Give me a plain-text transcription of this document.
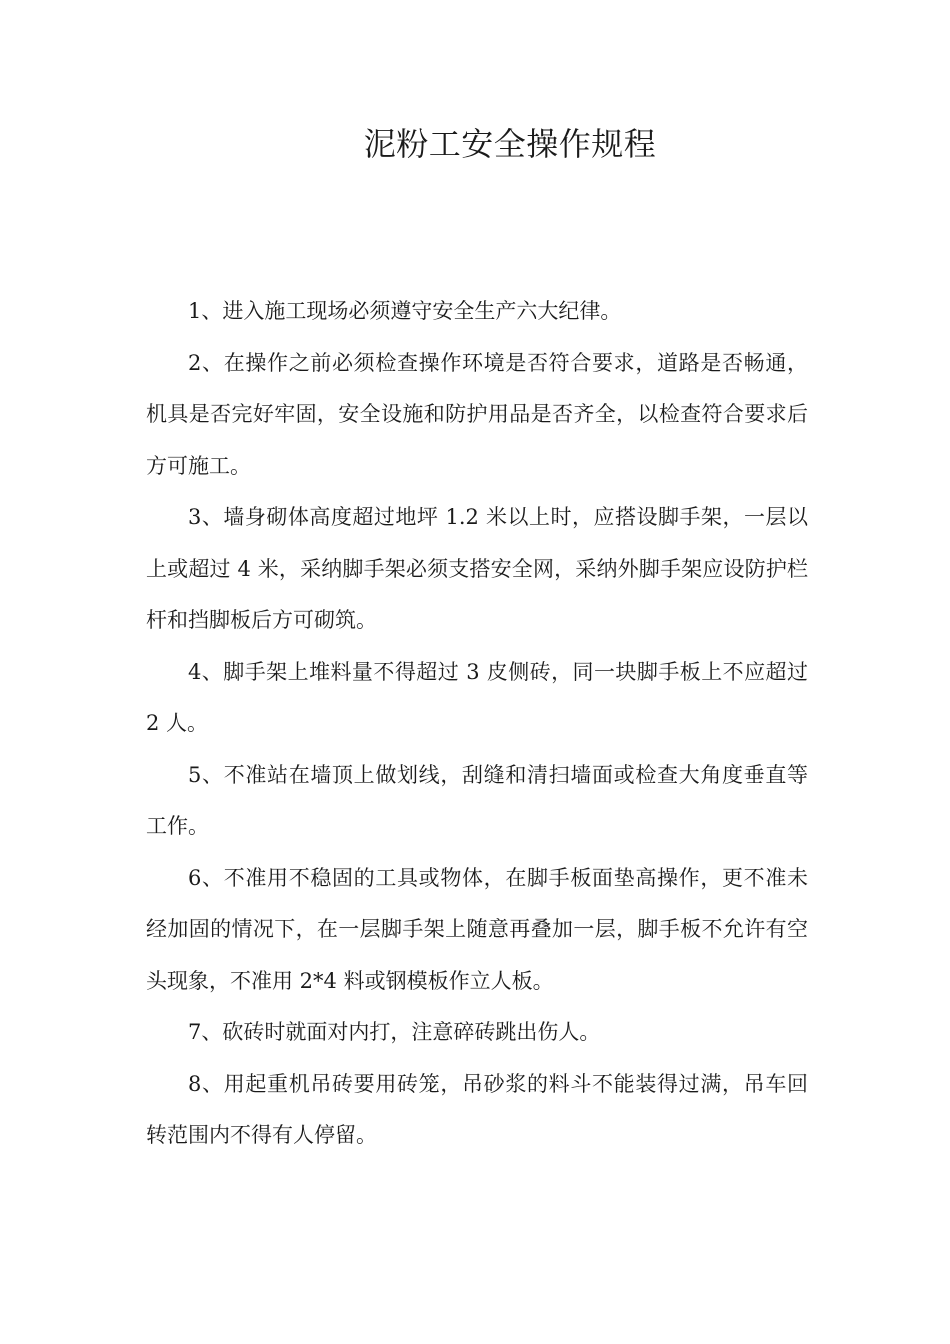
泥粉工安全操作规程

1、进入施工现场必须遵守安全生产六大纪律。

2、在操作之前必须检查操作环境是否符合要求，道路是否畅通，机具是否完好牢固，安全设施和防护用品是否齐全，以检查符合要求后方可施工。

3、墙身砌体高度超过地坪 1.2 米以上时，应搭设脚手架，一层以上或超过 4 米，采纳脚手架必须支搭安全网，采纳外脚手架应设防护栏杆和挡脚板后方可砌筑。

4、脚手架上堆料量不得超过 3 皮侧砖，同一块脚手板上不应超过 2 人。

5、不准站在墙顶上做划线，刮缝和清扫墙面或检查大角度垂直等工作。

6、不准用不稳固的工具或物体，在脚手板面垫高操作，更不准未经加固的情况下，在一层脚手架上随意再叠加一层，脚手板不允许有空头现象，不准用 2*4 料或钢模板作立人板。

7、砍砖时就面对内打，注意碎砖跳出伤人。

8、用起重机吊砖要用砖笼，吊砂浆的料斗不能装得过满，吊车回转范围内不得有人停留。
